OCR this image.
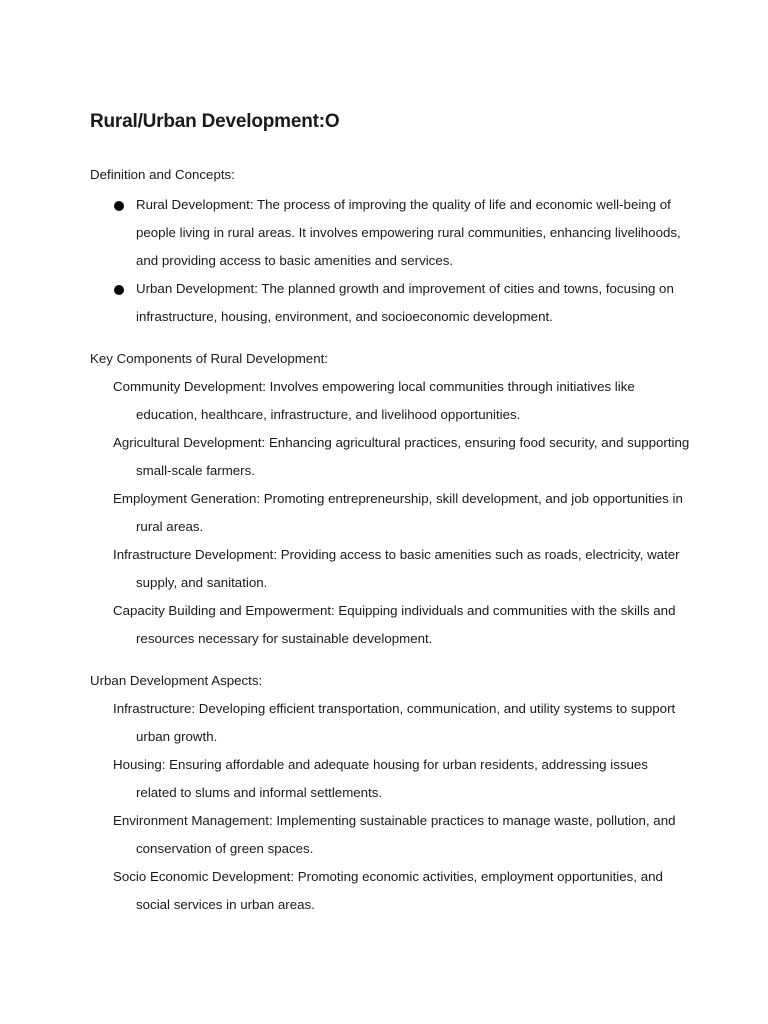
Rural/Urban Development:O

Definition and Concepts:

Rural Development: The process of improving the quality of life and economic well-being of people living in rural areas. It involves empowering rural communities, enhancing livelihoods, and providing access to basic amenities and services.
Urban Development: The planned growth and improvement of cities and towns, focusing on infrastructure, housing, environment, and socioeconomic development.

Key Components of Rural Development:

Community Development: Involves empowering local communities through initiatives like education, healthcare, infrastructure, and livelihood opportunities.
Agricultural Development: Enhancing agricultural practices, ensuring food security, and supporting small-scale farmers.
Employment Generation: Promoting entrepreneurship, skill development, and job opportunities in rural areas.
Infrastructure Development: Providing access to basic amenities such as roads, electricity, water supply, and sanitation.
Capacity Building and Empowerment: Equipping individuals and communities with the skills and resources necessary for sustainable development.

Urban Development Aspects:

Infrastructure: Developing efficient transportation, communication, and utility systems to support urban growth.
Housing: Ensuring affordable and adequate housing for urban residents, addressing issues related to slums and informal settlements.
Environment Management: Implementing sustainable practices to manage waste, pollution, and conservation of green spaces.
Socio Economic Development: Promoting economic activities, employment opportunities, and social services in urban areas.
